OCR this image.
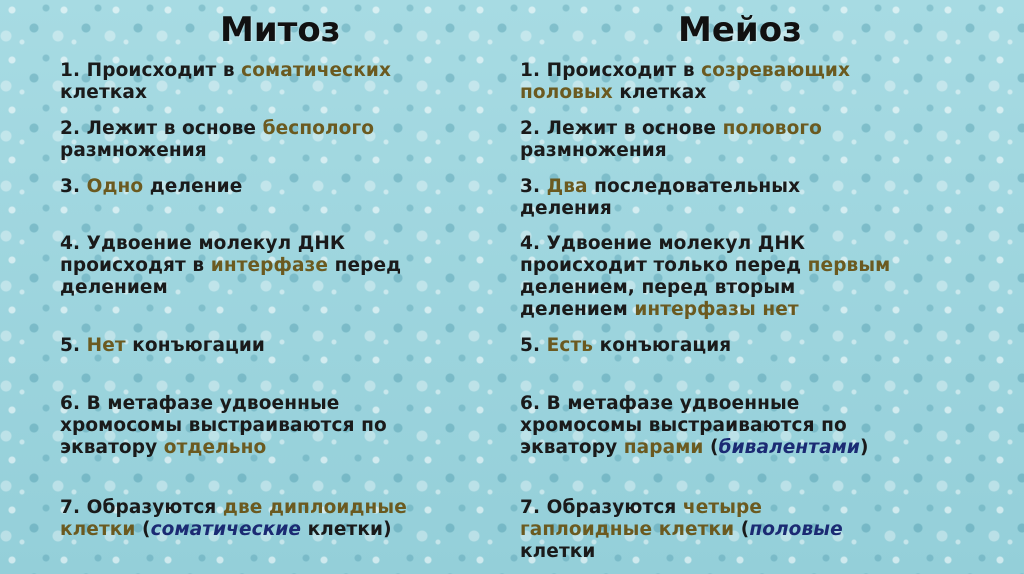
Митоз
1. Происходит в соматических
клетках
2. Лежит в основе бесполого
размножения
3. Одно деление
4. Удвоение молекул ДНК
происходят в интерфазе перед
делением
5. Нет конъюгации
6. В метафазе удвоенные
хромосомы выстраиваются по
экватору отдельно
7. Образуются две диплоидные
клетки (соматические клетки)
Мейоз
1. Происходит в созревающих
половых клетках
2. Лежит в основе полового
размножения
3. Два последовательных
деления
4. Удвоение молекул ДНК
происходит только перед первым
делением, перед вторым
делением интерфазы нет
5. Есть конъюгация
6. В метафазе удвоенные
хромосомы выстраиваются по
экватору парами (бивалентами)
7. Образуются четыре
гаплоидные клетки (половые
клетки
